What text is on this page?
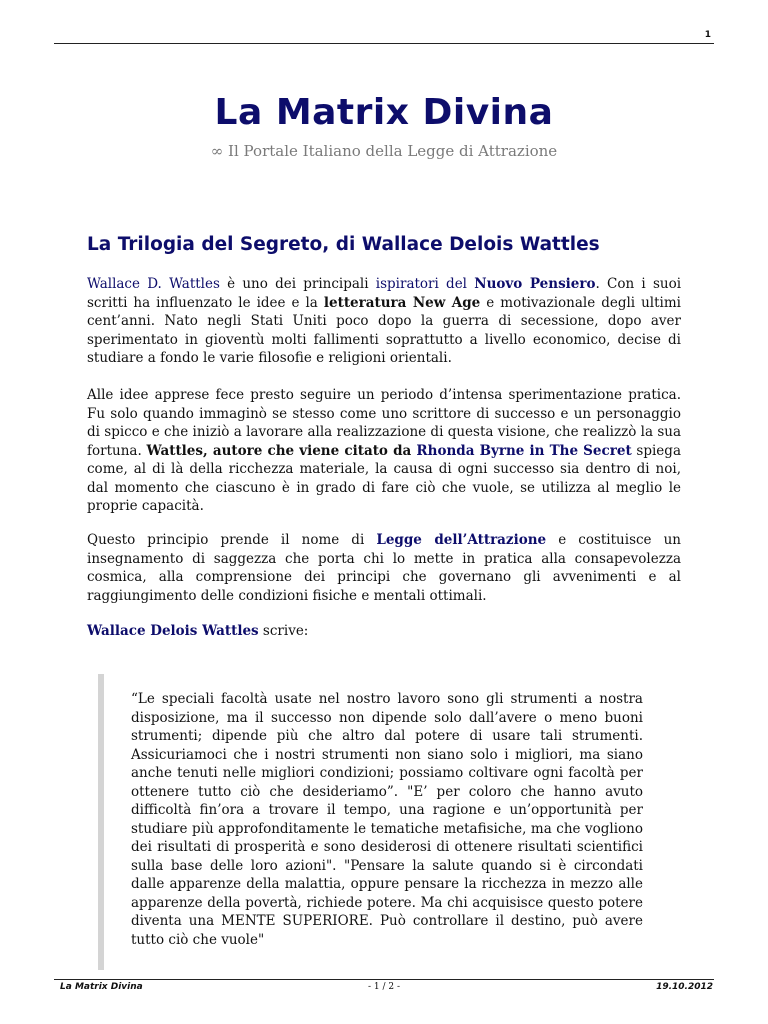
1
La Matrix Divina
∞ Il Portale Italiano della Legge di Attrazione
La Trilogia del Segreto, di Wallace Delois Wattles

Wallace D. Wattles è uno dei principali ispiratori del Nuovo Pensiero. Con i suoi scritti ha influenzato le idee e la letteratura New Age e motivazionale degli ultimi cent’anni. Nato negli Stati Uniti poco dopo la guerra di secessione, dopo aver sperimentato in gioventù molti fallimenti soprattutto a livello economico, decise di studiare a fondo le varie filosofie e religioni orientali.

Alle idee apprese fece presto seguire un periodo d’intensa sperimentazione pratica. Fu solo quando immaginò se stesso come uno scrittore di successo e un personaggio di spicco e che iniziò a lavorare alla realizzazione di questa visione, che realizzò la sua fortuna. Wattles, autore che viene citato da Rhonda Byrne in The Secret spiega come, al di là della ricchezza materiale, la causa di ogni successo sia dentro di noi, dal momento che ciascuno è in grado di fare ciò che vuole, se utilizza al meglio le proprie capacità.

Questo principio prende il nome di Legge dell’Attrazione e costituisce un insegnamento di saggezza che porta chi lo mette in pratica alla consapevolezza cosmica, alla comprensione dei principi che governano gli avvenimenti e al raggiungimento delle condizioni fisiche e mentali ottimali.

Wallace Delois Wattles scrive:

“Le speciali facoltà usate nel nostro lavoro sono gli strumenti a nostra disposizione, ma il successo non dipende solo dall’avere o meno buoni strumenti; dipende più che altro dal potere di usare tali strumenti. Assicuriamoci che i nostri strumenti non siano solo i migliori, ma siano anche tenuti nelle migliori condizioni; possiamo coltivare ogni facoltà per ottenere tutto ciò che desideriamo”. "E’ per coloro che hanno avuto difficoltà fin’ora a trovare il tempo, una ragione e un’opportunità per studiare più approfonditamente le tematiche metafisiche, ma che vogliono dei risultati di prosperità e sono desiderosi di ottenere risultati scientifici sulla base delle loro azioni". "Pensare la salute quando si è circondati dalle apparenze della malattia, oppure pensare la ricchezza in mezzo alle apparenze della povertà, richiede potere. Ma chi acquisisce questo potere diventa una MENTE SUPERIORE. Può controllare il destino, può avere tutto ciò che vuole"

La Matrix Divina	- 1 / 2 -	19.10.2012
